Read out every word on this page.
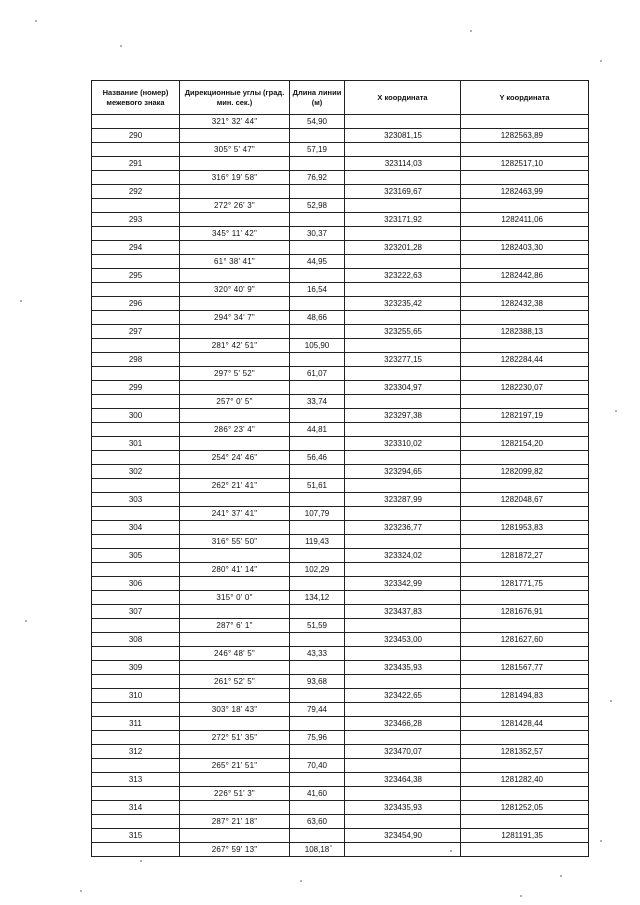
Название (номер) межевого знака	Дирекционные углы (град. мин. сек.)	Длина линии (м)	X координата	Y координата
	321° 32' 44"	54,90		
290			323081,15	1282563,89
	305° 5' 47"	57,19		
291			323114,03	1282517,10
	316° 19' 58"	76,92		
292			323169,67	1282463,99
	272° 26' 3"	52,98		
293			323171,92	1282411,06
	345° 11' 42"	30,37		
294			323201,28	1282403,30
	61° 38' 41"	44,95		
295			323222,63	1282442,86
	320° 40' 9"	16,54		
296			323235,42	1282432,38
	294° 34' 7"	48,66		
297			323255,65	1282388,13
	281° 42' 51"	105,90		
298			323277,15	1282284,44
	297° 5' 52"	61,07		
299			323304,97	1282230,07
	257° 0' 5"	33,74		
300			323297,38	1282197,19
	286° 23' 4"	44,81		
301			323310,02	1282154,20
	254° 24' 46"	56,46		
302			323294,65	1282099,82
	262° 21' 41"	51,61		
303			323287,99	1282048,67
	241° 37' 41"	107,79		
304			323236,77	1281953,83
	316° 55' 50"	119,43		
305			323324,02	1281872,27
	280° 41' 14"	102,29		
306			323342,99	1281771,75
	315° 0' 0"	134,12		
307			323437,83	1281676,91
	287° 6' 1"	51,59		
308			323453,00	1281627,60
	246° 48' 5"	43,33		
309			323435,93	1281567,77
	261° 52' 5"	93,68		
310			323422,65	1281494,83
	303° 18' 43"	79,44		
311			323466,28	1281428,44
	272° 51' 35"	75,96		
312			323470,07	1281352,57
	265° 21' 51"	70,40		
313			323464,38	1281282,40
	226° 51' 3"	41,60		
314			323435,93	1281252,05
	287° 21' 18"	63,60		
315			323454,90	1281191,35
	267° 59' 13"	108,18		
